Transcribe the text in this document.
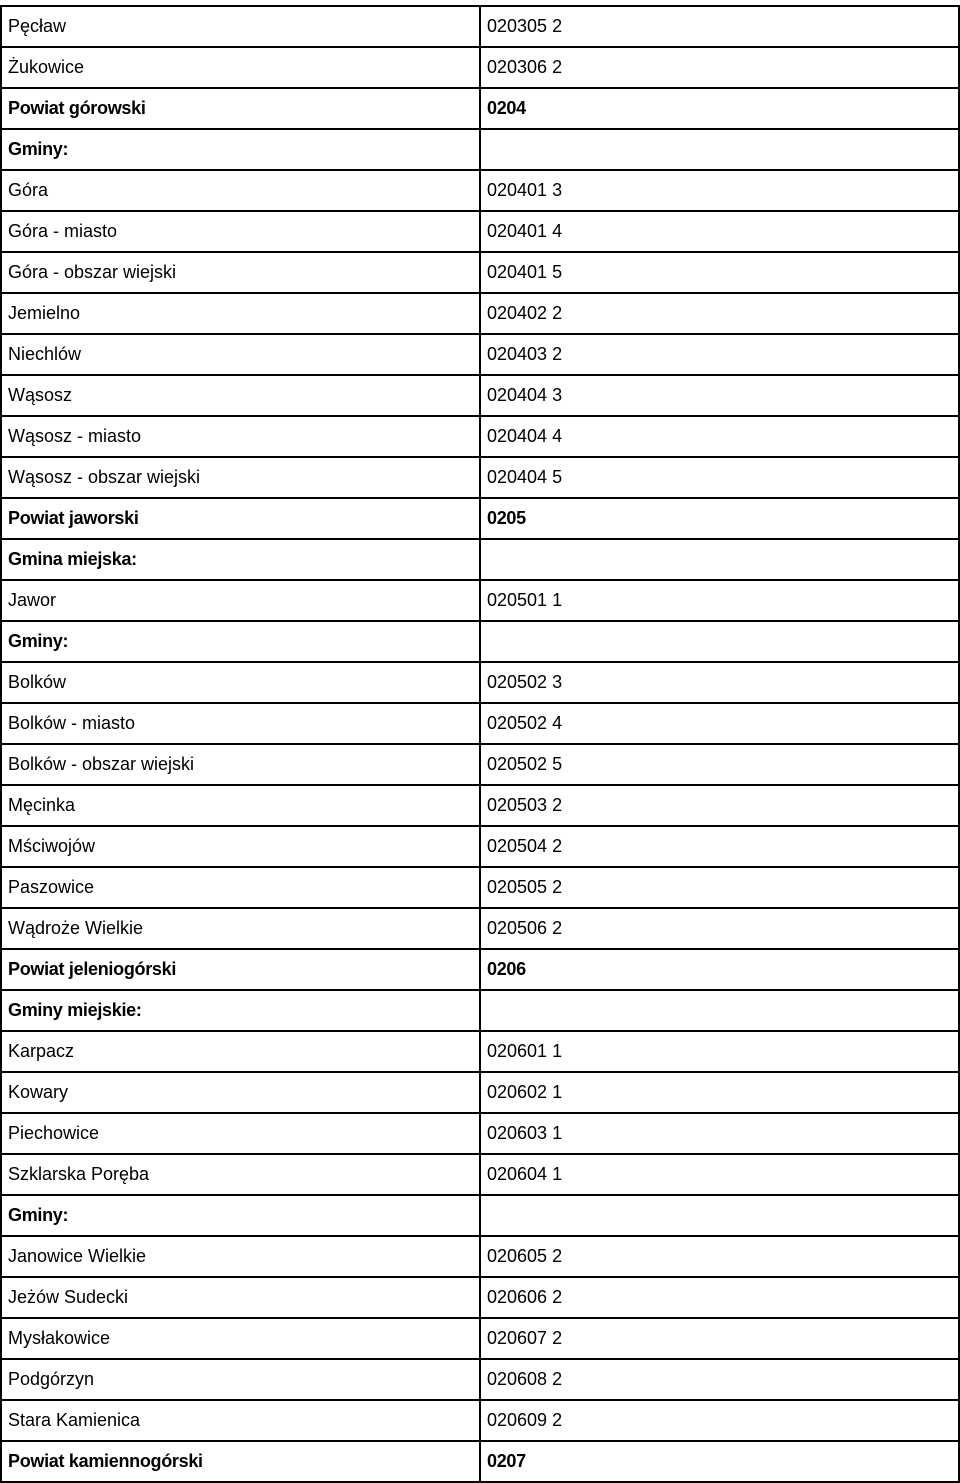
Pęcław	020305 2
Żukowice	020306 2
Powiat górowski	0204
Gminy:	
Góra	020401 3
Góra - miasto	020401 4
Góra - obszar wiejski	020401 5
Jemielno	020402 2
Niechlów	020403 2
Wąsosz	020404 3
Wąsosz - miasto	020404 4
Wąsosz - obszar wiejski	020404 5
Powiat jaworski	0205
Gmina miejska:	
Jawor	020501 1
Gminy:	
Bolków	020502 3
Bolków - miasto	020502 4
Bolków - obszar wiejski	020502 5
Męcinka	020503 2
Mściwojów	020504 2
Paszowice	020505 2
Wądroże Wielkie	020506 2
Powiat jeleniogórski	0206
Gminy miejskie:	
Karpacz	020601 1
Kowary	020602 1
Piechowice	020603 1
Szklarska Poręba	020604 1
Gminy:	
Janowice Wielkie	020605 2
Jeżów Sudecki	020606 2
Mysłakowice	020607 2
Podgórzyn	020608 2
Stara Kamienica	020609 2
Powiat kamiennogórski	0207
